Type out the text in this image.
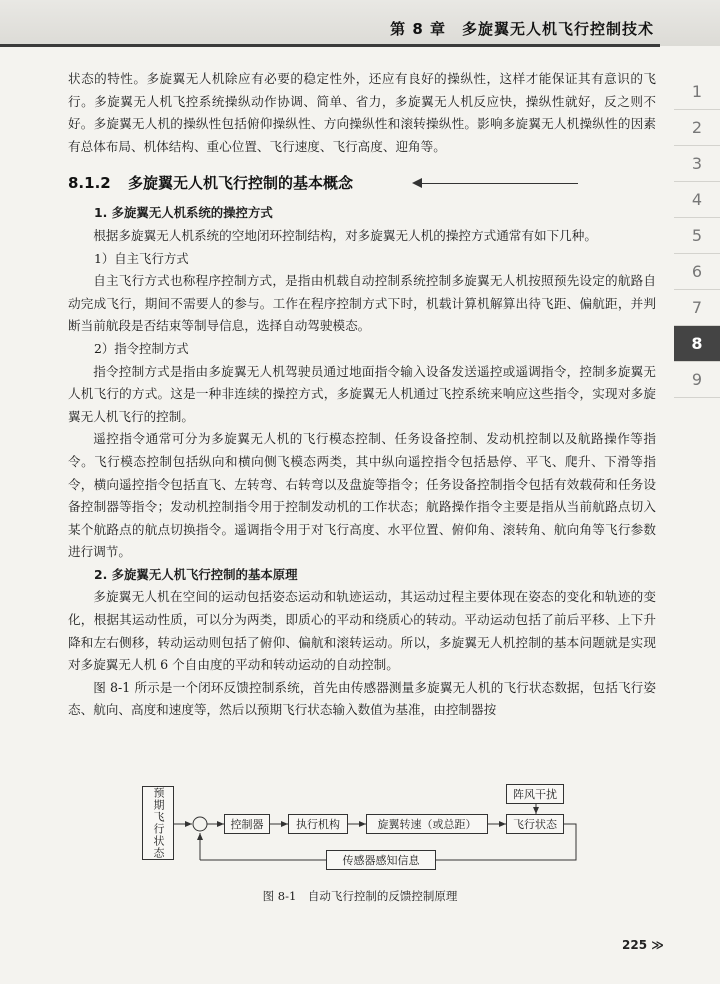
第 8 章　多旋翼无人机飞行控制技术
1
2
3
4
5
6
7
8
9

状态的特性。多旋翼无人机除应有必要的稳定性外，还应有良好的操纵性，这样才能保证其有意识的飞行。多旋翼无人机飞控系统操纵动作协调、简单、省力，多旋翼无人机反应快，操纵性就好，反之则不好。多旋翼无人机的操纵性包括俯仰操纵性、方向操纵性和滚转操纵性。影响多旋翼无人机操纵性的因素有总体布局、机体结构、重心位置、飞行速度、飞行高度、迎角等。

8.1.2 多旋翼无人机飞行控制的基本概念

1. 多旋翼无人机系统的操控方式

根据多旋翼无人机系统的空地闭环控制结构，对多旋翼无人机的操控方式通常有如下几种。

1）自主飞行方式

自主飞行方式也称程序控制方式，是指由机载自动控制系统控制多旋翼无人机按照预先设定的航路自动完成飞行，期间不需要人的参与。工作在程序控制方式下时，机载计算机解算出待飞距、偏航距，并判断当前航段是否结束等制导信息，选择自动驾驶模态。

2）指令控制方式

指令控制方式是指由多旋翼无人机驾驶员通过地面指令输入设备发送遥控或遥调指令，控制多旋翼无人机飞行的方式。这是一种非连续的操控方式，多旋翼无人机通过飞控系统来响应这些指令，实现对多旋翼无人机飞行的控制。

遥控指令通常可分为多旋翼无人机的飞行模态控制、任务设备控制、发动机控制以及航路操作等指令。飞行模态控制包括纵向和横向侧飞模态两类，其中纵向遥控指令包括悬停、平飞、爬升、下滑等指令，横向遥控指令包括直飞、左转弯、右转弯以及盘旋等指令；任务设备控制指令包括有效载荷和任务设备控制器等指令；发动机控制指令用于控制发动机的工作状态；航路操作指令主要是指从当前航路点切入某个航路点的航点切换指令。遥调指令用于对飞行高度、水平位置、俯仰角、滚转角、航向角等飞行参数进行调节。

2. 多旋翼无人机飞行控制的基本原理

多旋翼无人机在空间的运动包括姿态运动和轨迹运动，其运动过程主要体现在姿态的变化和轨迹的变化，根据其运动性质，可以分为两类，即质心的平动和绕质心的转动。平动运动包括了前后平移、上下升降和左右侧移，转动运动则包括了俯仰、偏航和滚转运动。所以，多旋翼无人机控制的基本问题就是实现对多旋翼无人机 6 个自由度的平动和转动运动的自动控制。

图 8-1 所示是一个闭环反馈控制系统，首先由传感器测量多旋翼无人机的飞行状态数据，包括飞行姿态、航向、高度和速度等，然后以预期飞行状态输入数值为基准，由控制器按

预期飞行状态	控制器	执行机构	旋翼转速（或总距）	飞行状态
阵风干扰
传感器感知信息
图 8-1　自动飞行控制的反馈控制原理
225 ≫
